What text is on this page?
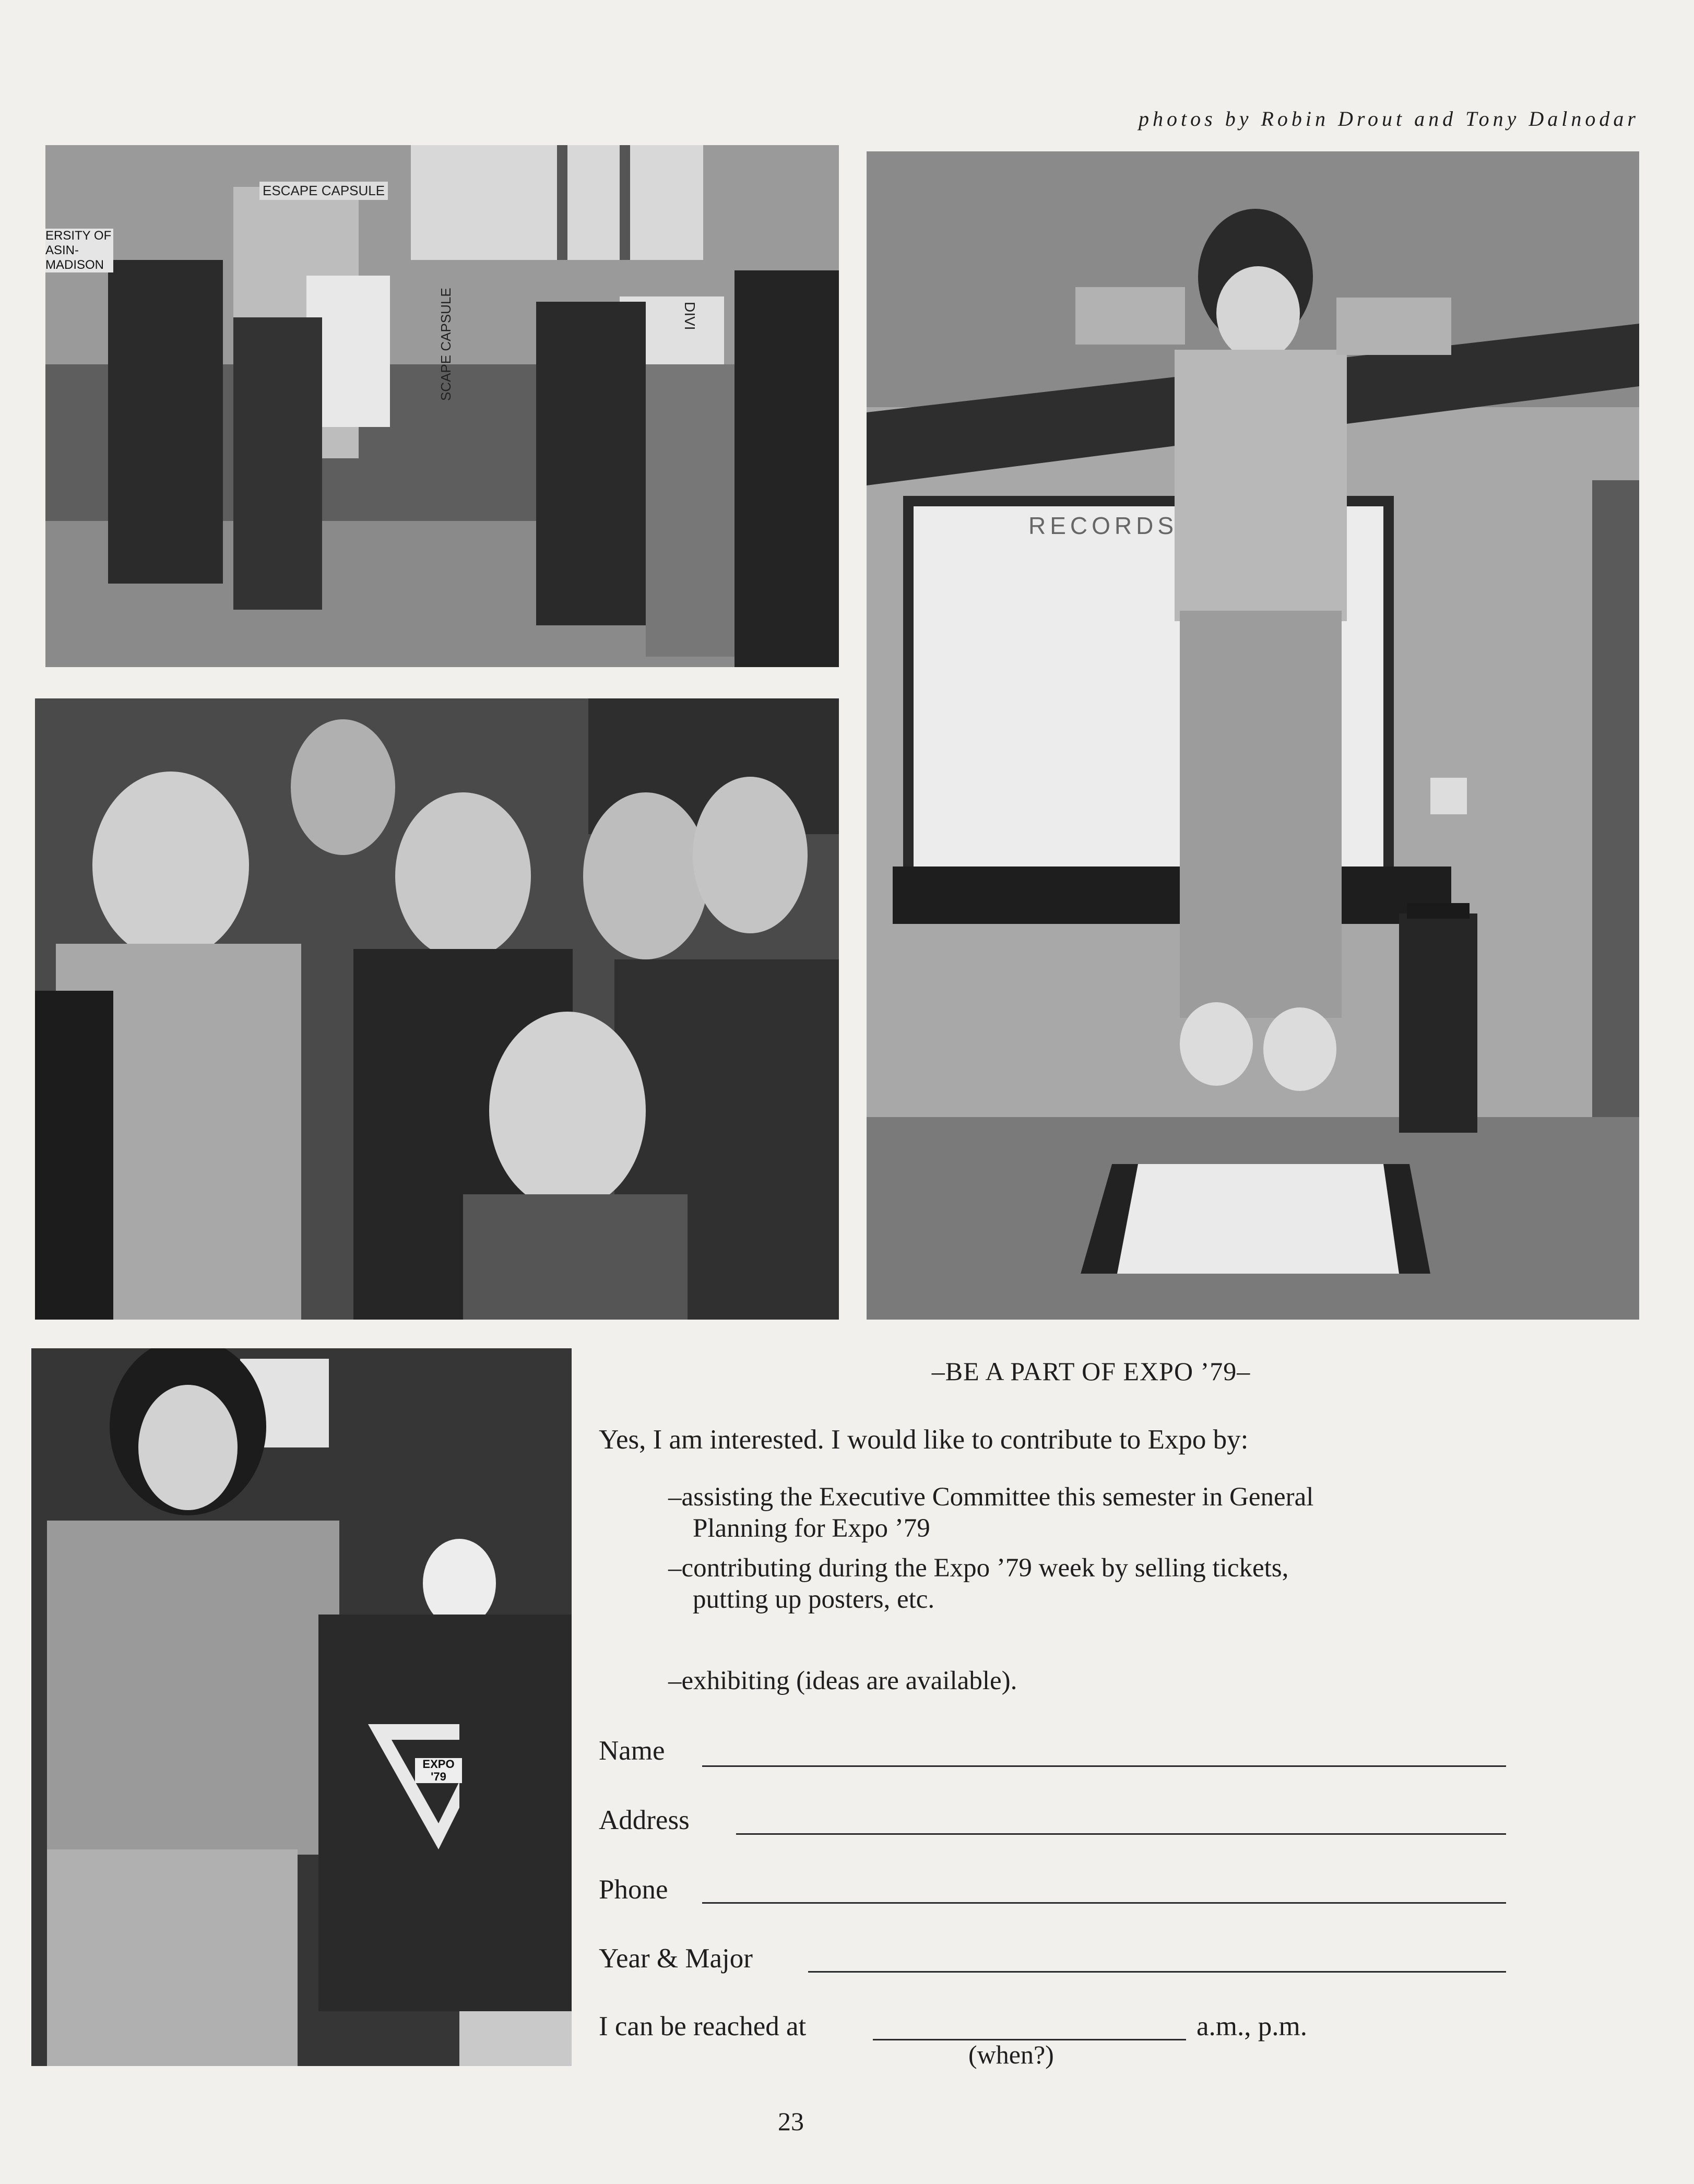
photos by Robin Drout and Tony Dalnodar
ESCAPE CAPSULE
ERSITY OF ASIN-MADISON
SCAPE CAPSULE	DIVI
RECORDS
EXPO '79
–BE A PART OF EXPO ’79–
Yes, I am interested. I would like to contribute to Expo by:
–assisting the Executive Committee this semester in General
Planning for Expo ’79
–contributing during the Expo ’79 week by selling tickets,
putting up posters, etc.
–exhibiting (ideas are available).
Name
Address
Phone
Year & Major
I can be reached at	a.m., p.m.
(when?)
23
